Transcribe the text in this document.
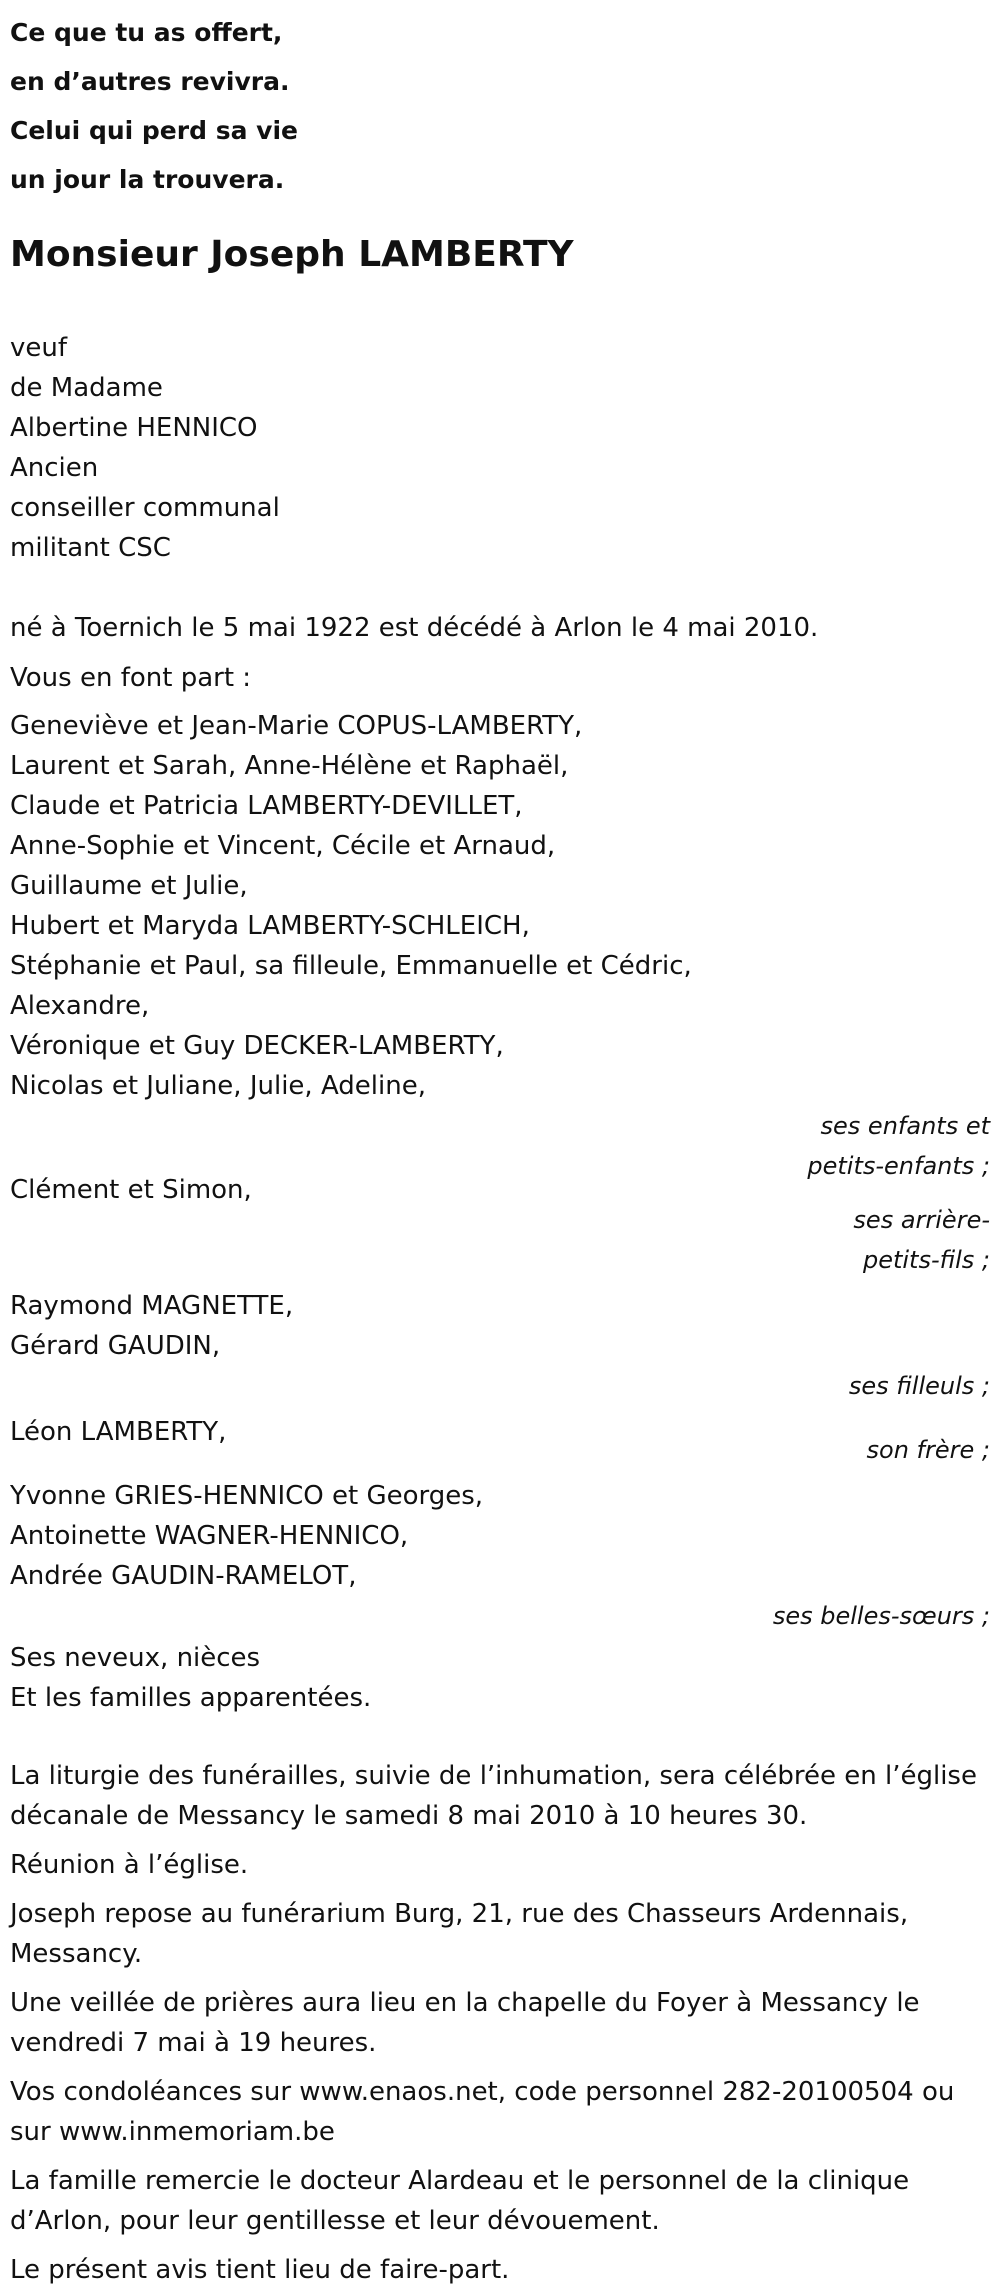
Ce que tu as offert,
en d’autres revivra.
Celui qui perd sa vie
un jour la trouvera.
Monsieur Joseph LAMBERTY
veuf
de Madame
Albertine HENNICO
Ancien
conseiller communal
militant CSC
né à Toernich le 5 mai 1922 est décédé à Arlon le 4 mai 2010.
Vous en font part :
Geneviève et Jean-Marie COPUS-LAMBERTY,
Laurent et Sarah, Anne-Hélène et Raphaël,
Claude et Patricia LAMBERTY-DEVILLET,
Anne-Sophie et Vincent, Cécile et Arnaud,
Guillaume et Julie,
Hubert et Maryda LAMBERTY-SCHLEICH,
Stéphanie et Paul, sa filleule, Emmanuelle et Cédric,
Alexandre,
Véronique et Guy DECKER-LAMBERTY,
Nicolas et Juliane, Julie, Adeline,
ses enfants et
petits-enfants ;
Clément et Simon,
ses arrière-
petits-fils ;
Raymond MAGNETTE,
Gérard GAUDIN,
ses filleuls ;
Léon LAMBERTY,
son frère ;
Yvonne GRIES-HENNICO et Georges,
Antoinette WAGNER-HENNICO,
Andrée GAUDIN-RAMELOT,
ses belles-sœurs ;
Ses neveux, nièces
Et les familles apparentées.
La liturgie des funérailles, suivie de l’inhumation, sera célébrée en l’église
décanale de Messancy le samedi 8 mai 2010 à 10 heures 30.
Réunion à l’église.
Joseph repose au funérarium Burg, 21, rue des Chasseurs Ardennais,
Messancy.
Une veillée de prières aura lieu en la chapelle du Foyer à Messancy le
vendredi 7 mai à 19 heures.
Vos condoléances sur www.enaos.net, code personnel 282-20100504 ou
sur www.inmemoriam.be
La famille remercie le docteur Alardeau et le personnel de la clinique
d’Arlon, pour leur gentillesse et leur dévouement.
Le présent avis tient lieu de faire-part.
